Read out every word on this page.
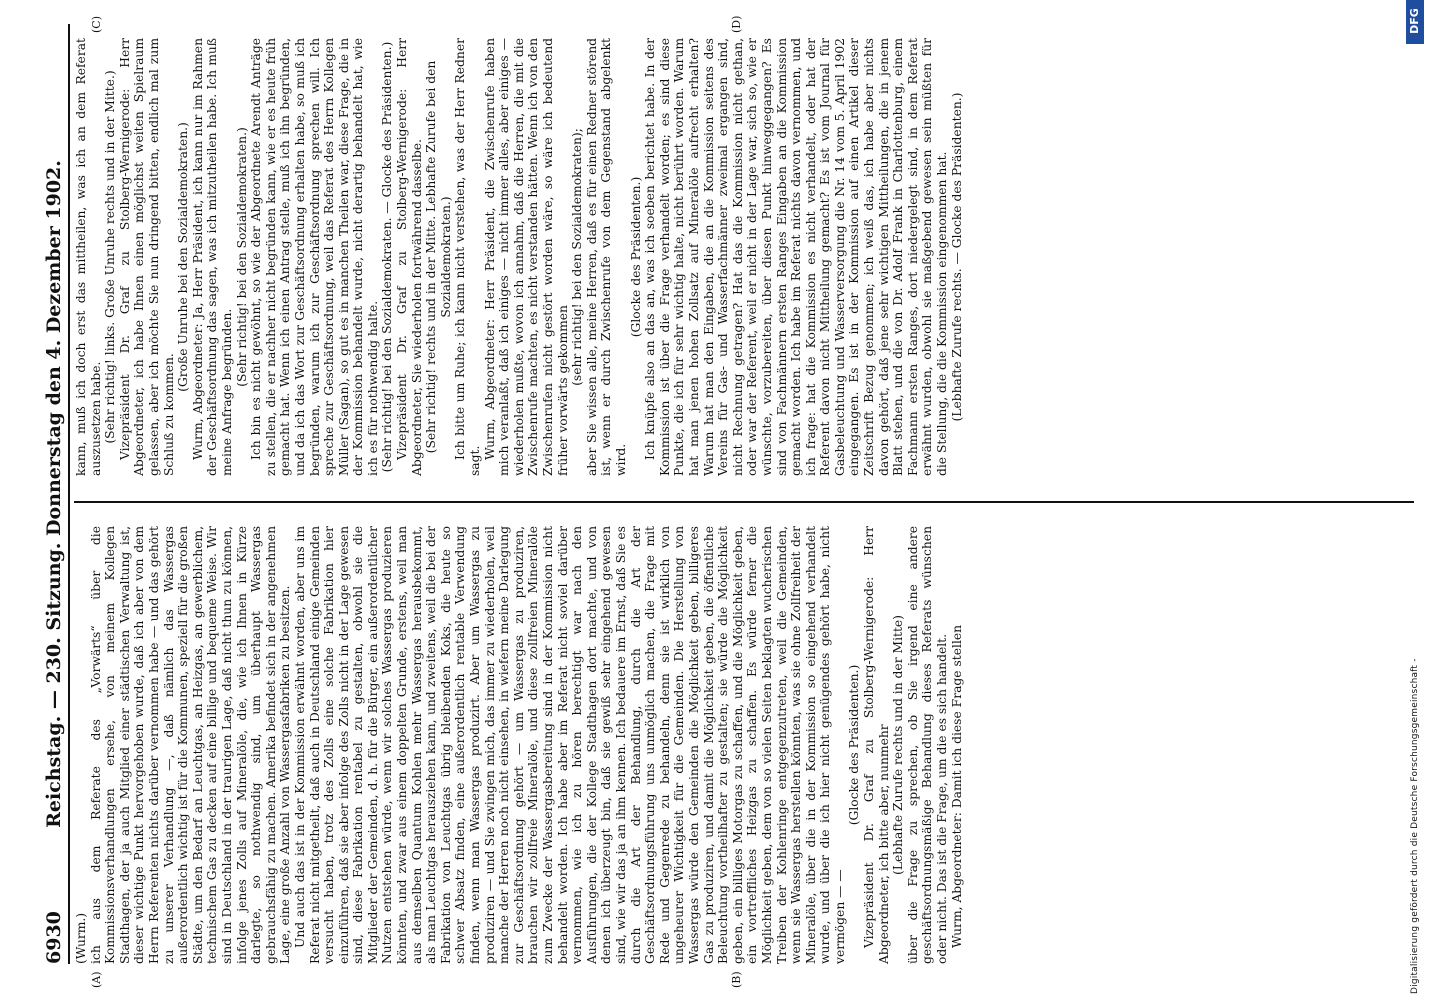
6930
Reichstag. — 230. Sitzung. Donnerstag den 4. Dezember 1902.

(Wurm.) ich aus dem Referate des „Vorwärts“ über die Kommissionsverhandlungen ersehe, von meinem Kollegen Stadthagen, der ja auch Mitglied einer städtischen Verwaltung ist, dieser wichtige Punkt hervorgehoben wurde, daß ich aber von dem Herrn Referenten nichts darüber vernommen habe — und das gehört zu unserer Verhandlung —, daß nämlich das Wassergas außerordentlich wichtig ist für die Kommunen, speziell für die großen Städte, um den Bedarf an Leuchtgas, an Heizgas, an gewerblichem, technischem Gas zu decken auf eine billige und bequeme Weise. Wir sind in Deutschland in der traurigen Lage, daß nicht thun zu können, infolge jenes Zolls auf Mineralöle, die, wie ich Ihnen in Kürze darlegte, so nothwendig sind, um überhaupt Wassergas gebrauchsfähig zu machen. Amerika befindet sich in der angenehmen Lage, eine große Anzahl von Wassergasfabriken zu besitzen. Und auch das ist in der Kommission erwähnt worden, aber uns im Referat nicht mitgetheilt, daß auch in Deutschland einige Gemeinden versucht haben, trotz des Zolls eine solche Fabrikation hier einzuführen, daß sie aber infolge des Zolls nicht in der Lage gewesen sind, diese Fabrikation rentabel zu gestalten, obwohl sie die Mitglieder der Gemeinden, d. h. für die Bürger, ein außerordentlicher Nutzen entstehen würde, wenn wir solches Wassergas produzieren könnten, und zwar aus einem doppelten Grunde, erstens, weil man aus demselben Quantum Kohlen mehr Wassergas herausbekommt, als man Leuchtgas herausziehen kann, und zweitens, weil die bei der Fabrikation von Leuchtgas übrig bleibenden Koks, die heute so schwer Absatz finden, eine außerordentlich rentable Verwendung finden, wenn man Wassergas produzirt. Aber um Wassergas zu produziren — und Sie zwingen mich, das immer zu wiederholen, weil manche der Herren noch nicht einsehen, in wiefern meine Darlegung zur Geschäftsordnung gehört — um Wassergas zu produziren, brauchen wir zollfreie Mineralöle, und diese zollfreien Mineralöle zum Zwecke der Wassergasbereitung sind in der Kommission nicht behandelt worden. Ich habe aber im Referat nicht soviel darüber vernommen, wie ich zu hören berechtigt war nach den Ausführungen, die der Kollege Stadthagen dort machte, und von denen ich überzeugt bin, daß sie gewiß sehr eingehend gewesen sind, wie wir das ja an ihm kennen. Ich bedauere im Ernst, daß Sie es durch die Art der Behandlung, durch die Art der Geschäftsordnungsführung uns unmöglich machen, die Frage mit Rede und Gegenrede zu behandeln, denn sie ist wirklich von ungeheurer Wichtigkeit für die Gemeinden. Die Herstellung von Wassergas würde den Gemeinden die Möglichkeit geben, billigeres Gas zu produziren, und damit die Möglichkeit geben, die öffentliche Beleuchtung vortheilhafter zu gestalten; sie würde die Möglichkeit geben, ein billiges Motorgas zu schaffen, und die Möglichkeit geben, ein vortreffliches Heizgas zu schaffen. Es würde ferner die Möglichkeit geben, dem von so vielen Seiten beklagten wucherischen Treiben der Kohlenringe entgegenzutreten, weil die Gemeinden, wenn sie Wassergas herstellen könnten, was sie ohne Zollfreiheit der Mineralöle, über die in der Kommission so eingehend verhandelt wurde, und über die ich hier nicht genügendes gehört habe, nicht vermögen — —

(Glocke des Präsidenten.) Vizepräsident Dr. Graf zu Stolberg-Wernigerode: Herr Abgeordneter, ich bitte aber, nunmehr (Lebhafte Zurufe rechts und in der Mitte) über die Frage zu sprechen, ob Sie irgend eine andere geschäftsordnungsmäßige Behandlung dieses Referats wünschen oder nicht. Das ist die Frage, um die es sich handelt. Wurm, Abgeordneter: Damit ich diese Frage stellen

kann, muß ich doch erst das mittheilen, was ich an dem Referat auszusetzen habe. (Sehr richtig! links. Große Unruhe rechts und in der Mitte.) Vizepräsident Dr. Graf zu Stolberg-Wernigerode: Herr Abgeordneter, ich habe Ihnen einen möglichst weiten Spielraum gelassen, aber ich möchte Sie nun dringend bitten, endlich mal zum Schluß zu kommen.

(Große Unruhe bei den Sozialdemokraten.) Wurm, Abgeordneter: Ja, Herr Präsident, ich kann nur im Rahmen der Geschäftsordnung das sagen, was ich mitzutheilen habe. Ich muß meine Anfrage begründen.

(Sehr richtig! bei den Sozialdemokraten.) Ich bin es nicht gewöhnt, so wie der Abgeordnete Arendt Anträge zu stellen, die er nachher nicht begründen kann, wie er es heute früh gemacht hat. Wenn ich einen Antrag stelle, muß ich ihn begründen, und da ich das Wort zur Geschäftsordnung erhalten habe, so muß ich begründen, warum ich zur Geschäftsordnung sprechen will. Ich spreche zur Geschäftsordnung, weil das Referat des Herrn Kollegen Müller (Sagan), so gut es in manchen Theilen war, diese Frage, die in der Kommission behandelt wurde, nicht derartig behandelt hat, wie ich es für nothwendig halte. (Sehr richtig! bei den Sozialdemokraten. — Glocke des Präsidenten.) Vizepräsident Dr. Graf zu Stolberg-Wernigerode: Herr Abgeordneter, Sie wiederholen fortwährend dasselbe. (Sehr richtig! rechts und in der Mitte. Lebhafte Zurufe bei den Sozialdemokraten.) Ich bitte um Ruhe; ich kann nicht verstehen, was der Herr Redner sagt.

Wurm, Abgeordneter: Herr Präsident, die Zwischenrufe haben mich veranlaßt, daß ich einiges — nicht immer alles, aber einiges — wiederholen mußte, wovon ich annahm, daß die Herren, die mit die Zwischenrufe machten, es nicht verstanden hätten. Wenn ich von den Zwischenrufen nicht gestört worden wäre, so wäre ich bedeutend früher vorwärts gekommen

(sehr richtig! bei den Sozialdemokraten); aber Sie wissen alle, meine Herren, daß es für einen Redner störend ist, wenn er durch Zwischenrufe von dem Gegenstand abgelenkt wird.

(Glocke des Präsidenten.) Ich knüpfe also an das an, was ich soeben berichtet habe. In der Kommission ist über die Frage verhandelt worden; es sind diese Punkte, die ich für sehr wichtig halte, nicht berührt worden. Warum hat man jenen hohen Zollsatz auf Mineralöle aufrecht erhalten? Warum hat man den Eingaben, die an die Kommission seitens des Vereins für Gas- und Wasserfachmänner zweimal ergangen sind, nicht Rechnung getragen? Hat das die Kommission nicht gethan, oder war der Referent, weil er nicht in der Lage war, sich so, wie er wünschte, vorzubereiten, über diesen Punkt hinweggegangen? Es sind von Fachmännern ersten Ranges Eingaben an die Kommission gemacht worden. Ich habe im Referat nichts davon vernommen, und ich frage: hat die Kommission es nicht verhandelt, oder hat der Referent davon nicht Mittheilung gemacht? Es ist vom Journal für Gasbeleuchtung und Wasserversorgung die Nr. 14 vom 5. April 1902 eingegangen. Es ist in der Kommission auf einen Artikel dieser Zeitschrift Bezug genommen; ich weiß das, ich habe aber nichts davon gehört, daß jene sehr wichtigen Mittheilungen, die in jenem Blatt stehen, und die von Dr. Adolf Frank in Charlottenburg, einem Fachmann ersten Ranges, dort niedergelegt sind, in dem Referat erwähnt wurden, obwohl sie maßgebend gewesen sein müßten für die Stellung, die die Kommission eingenommen hat. (Lebhafte Zurufe rechts. — Glocke des Präsidenten.)

(A)	(B)
(C)	(D)
Digitalisierung gefördert durch die Deutsche Forschungsgemeinschaft -
DFG
